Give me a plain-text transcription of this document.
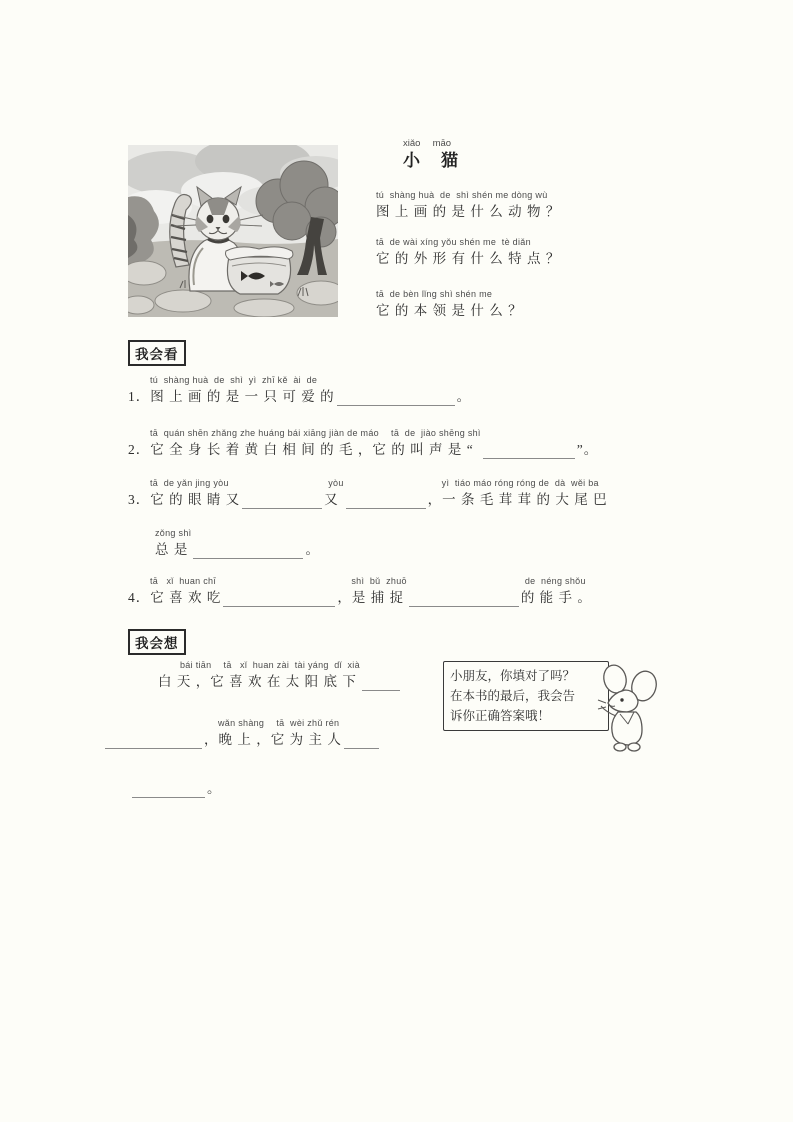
xiǎo　 māo
小　猫
tú  shàng huà  de  shì shén me dòng wù
图 上 画 的 是 什 么 动 物 ？
tā  de wài xíng yǒu shén me  tè diǎn
它 的 外 形 有 什 么 特 点 ？
tā  de bèn lǐng shì shén me
它 的 本 领 是 什 么 ？
我会看
tú  shàng huà  de  shì  yì  zhī kě  ài  de
1．图 上 画 的 是 一 只 可 爱 的	。
tā  quán shēn zhǎng zhe huáng bái xiāng jiàn de máo　 tā  de  jiào shēng shì
2．它 全 身 长 着 黄 白 相 间 的 毛 ，它 的 叫 声 是 “	”。
tā  de yǎn jing yòu
3．它 的 眼 睛 又
yòu
又
yì  tiáo máo róng róng de  dà  wěi ba
，一 条 毛 茸 茸 的 大 尾 巴
zǒng shì
总 是	。
tā   xǐ  huan chī
4．它 喜 欢 吃
shì  bǔ  zhuō
，是 捕 捉
de  néng shǒu
的 能 手 。
我会想
bái tiān　 tā   xǐ  huan zài  tài yáng  dǐ  xià
白 天 ，它 喜 欢 在 太 阳 底 下
wǎn shàng　 tā  wèi zhǔ rén
，晚 上 ，它 为 主 人
。
小朋友，你填对了吗？
在本书的最后，我会告
诉你正确答案哦！
